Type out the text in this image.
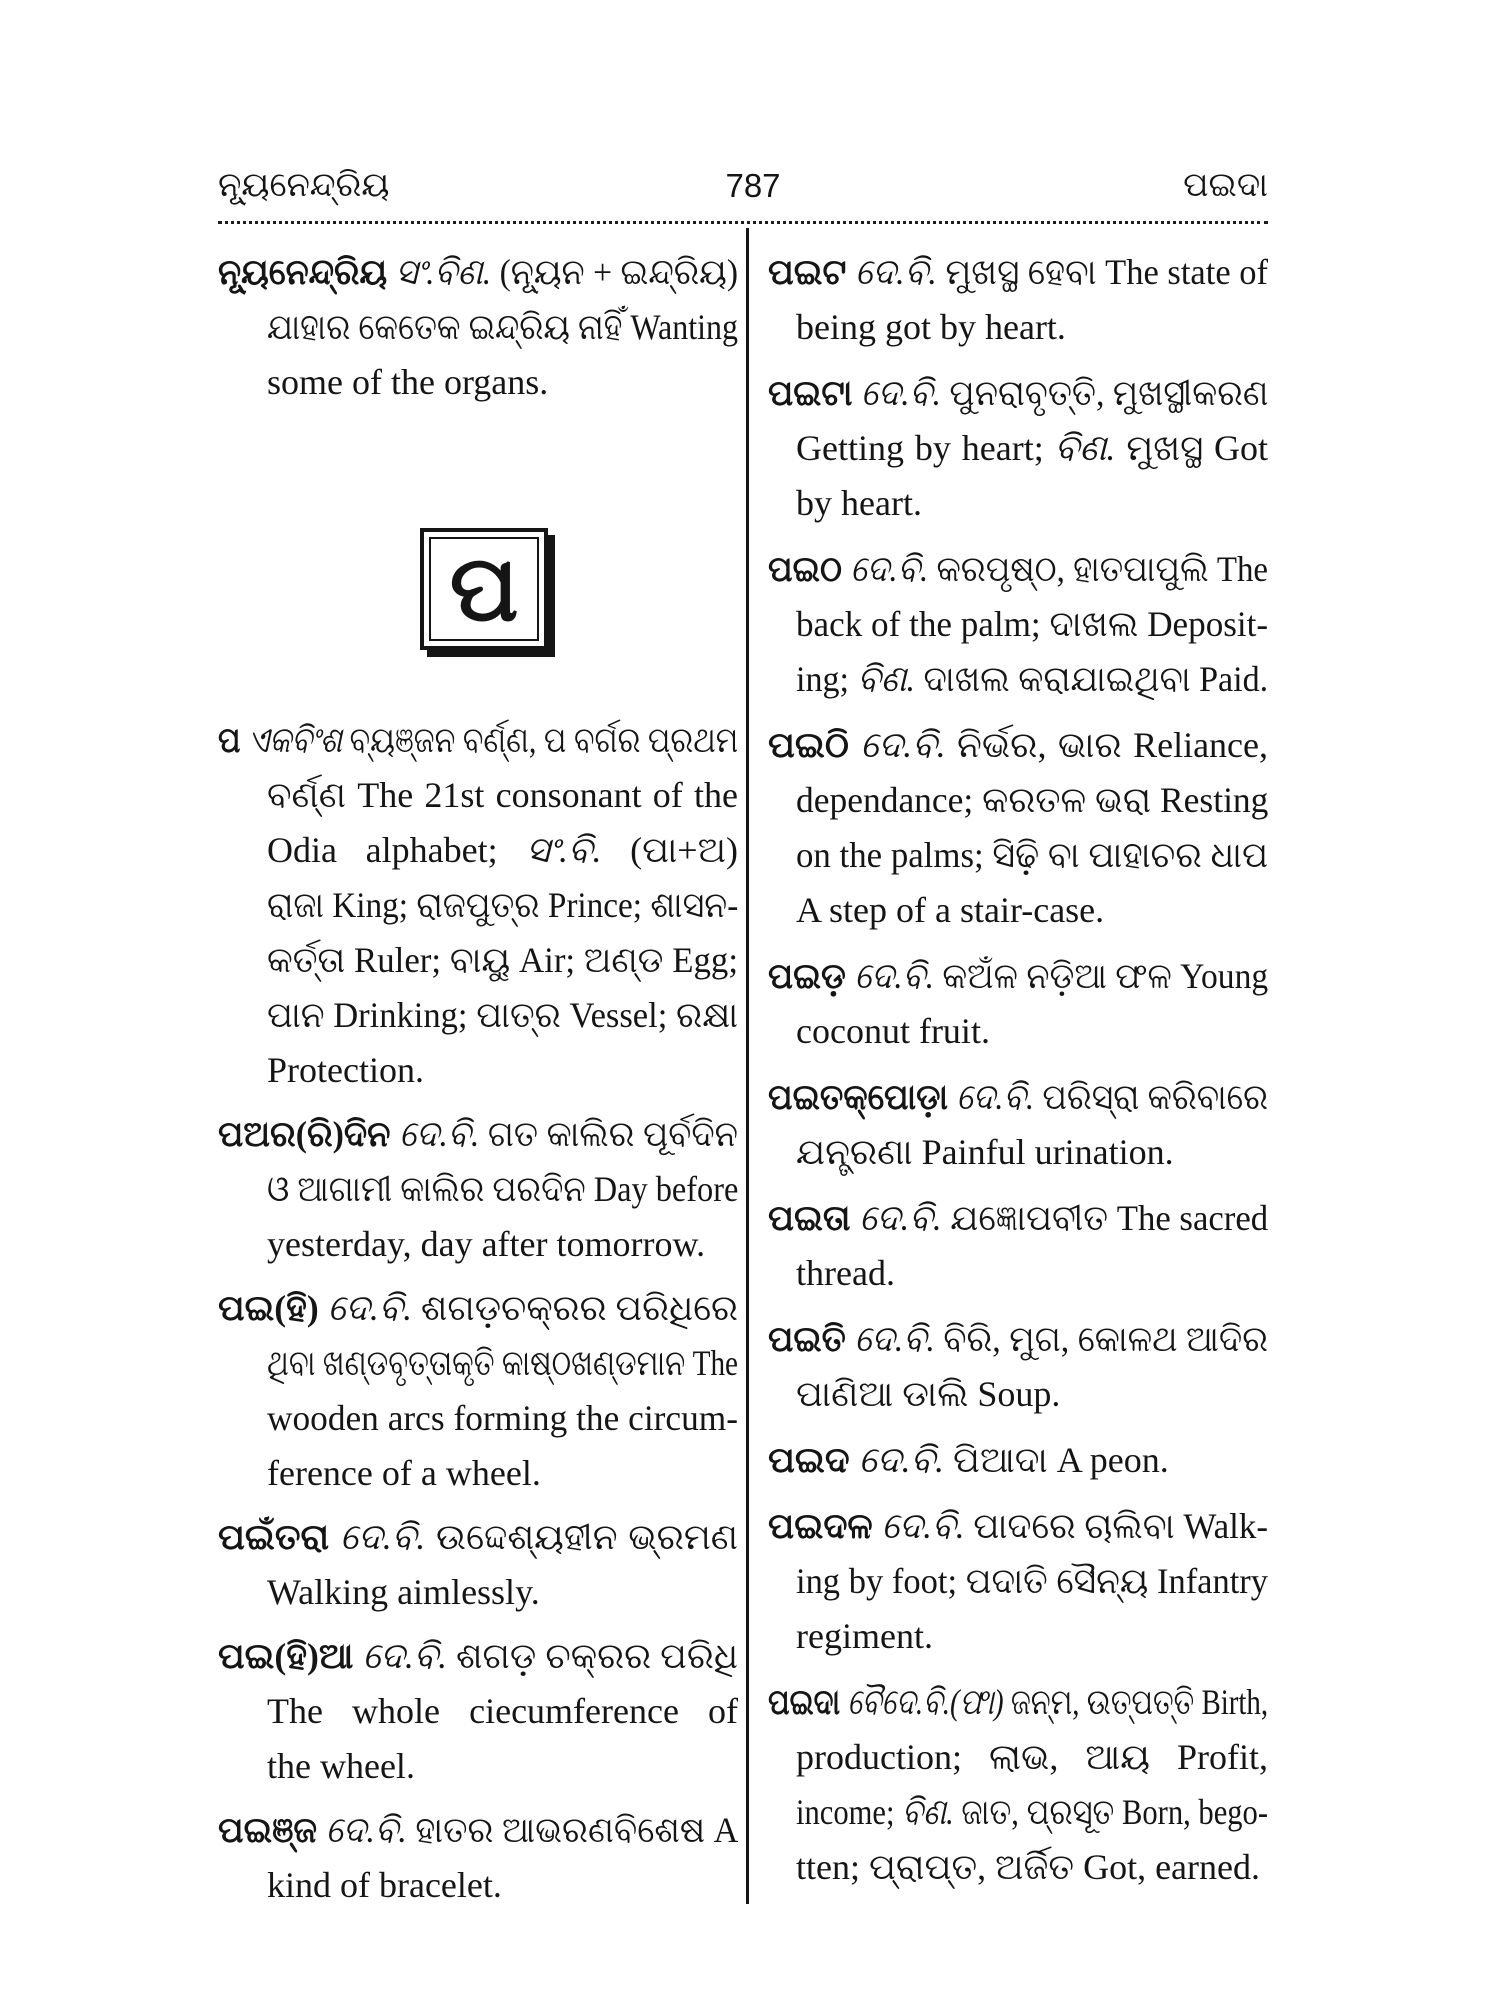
ନ୍ୟୂନେନ୍ଦ୍ରିୟ	787	ପଇଦା
ନ୍ୟୂନେନ୍ଦ୍ରିୟ ସଂ.ବିଣ. (ନ୍ୟୂନ + ଇନ୍ଦ୍ରିୟ)
ଯାହାର କେତେକ ଇନ୍ଦ୍ରିୟ ନାହିଁ Wanting
some of the organs.
ପ
ପ ଏକବିଂଶ ବ୍ୟଞ୍ଜନ ବର୍ଣ୍ଣ, ପ ବର୍ଗର ପ୍ରଥମ
ବର୍ଣ୍ଣ The 21st consonant of the
Odia alphabet; ସଂ.ବି. (ପା+ଅ)
ରାଜା King; ରାଜପୁତ୍ର Prince; ଶାସନ-
କର୍ତ୍ତା Ruler; ବାୟୁ Air; ଅଣ୍ଡ Egg;
ପାନ Drinking; ପାତ୍ର Vessel; ରକ୍ଷା
Protection.
ପଅର(ରି)ଦିନ ଦେ.ବି. ଗତ କାଲିର ପୂର୍ବଦିନ
ଓ ଆଗାମୀ କାଲିର ପରଦିନ Day before
yesterday, day after tomorrow.
ପଇ(ହି) ଦେ.ବି. ଶଗଡ଼ଚକ୍ରର ପରିଧିରେ
ଥିବା ଖଣ୍ଡବୃତ୍ତାକୃତି କାଷ୍ଠଖଣ୍ଡମାନ The
wooden arcs forming the circum-
ference of a wheel.
ପଇଁତରା ଦେ.ବି. ଉଦ୍ଦେଶ୍ୟହୀନ ଭ୍ରମଣ
Walking aimlessly.
ପଇ(ହି)ଆ ଦେ.ବି. ଶଗଡ଼ ଚକ୍ରର ପରିଧି
The whole ciecumference of
the wheel.
ପଇଞ୍ଜ ଦେ.ବି. ହାତର ଆଭରଣବିଶେଷ A
kind of bracelet.
ପଇଟ ଦେ.ବି. ମୁଖସ୍ଥ ହେବା The state of
being got by heart.
ପଇଟା ଦେ.ବି. ପୁନରାବୃତ୍ତି, ମୁଖସ୍ଥୀକରଣ
Getting by heart; ବିଣ. ମୁଖସ୍ଥ Got
by heart.
ପଇଠ ଦେ.ବି. କରପୃଷ୍ଠ, ହାତପାପୁଲି The
back of the palm; ଦାଖଲ Deposit-
ing; ବିଣ. ଦାଖଲ କରାଯାଇଥିବା Paid.
ପଇଠି ଦେ.ବି. ନିର୍ଭର, ଭାର Reliance,
dependance; କରତଳ ଭରା Resting
on the palms; ସିଢ଼ି ବା ପାହାଚର ଧାପ
A step of a stair-case.
ପଇଡ଼ ଦେ.ବି. କଅଁଳ ନଡ଼ିଆ ଫଳ Young
coconut fruit.
ପଇତକ୍ପୋଡ଼ା ଦେ.ବି. ପରିସ୍ରା କରିବାରେ
ଯନ୍ତ୍ରଣା Painful urination.
ପଇତା ଦେ.ବି. ଯଜ୍ଞୋପବୀତ The sacred
thread.
ପଇତି ଦେ.ବି. ବିରି, ମୁଗ, କୋଳଥ ଆଦିର
ପାଣିଆ ଡାଲି Soup.
ପଇଦ ଦେ.ବି. ପିଆଦା A peon.
ପଇଦଳ ଦେ.ବି. ପାଦରେ ଚାଲିବା Walk-
ing by foot; ପଦାତି ସୈନ୍ୟ Infantry
regiment.
ପଇଦା ବୈଦେ.ବି.(ଫା) ଜନ୍ମ, ଉତ୍ପତ୍ତି Birth,
production; ଲାଭ, ଆୟ Profit,
income; ବିଣ. ଜାତ, ପ୍ରସୂତ Born, bego-
tten; ପ୍ରାପ୍ତ, ଅର୍ଜିତ Got, earned.
